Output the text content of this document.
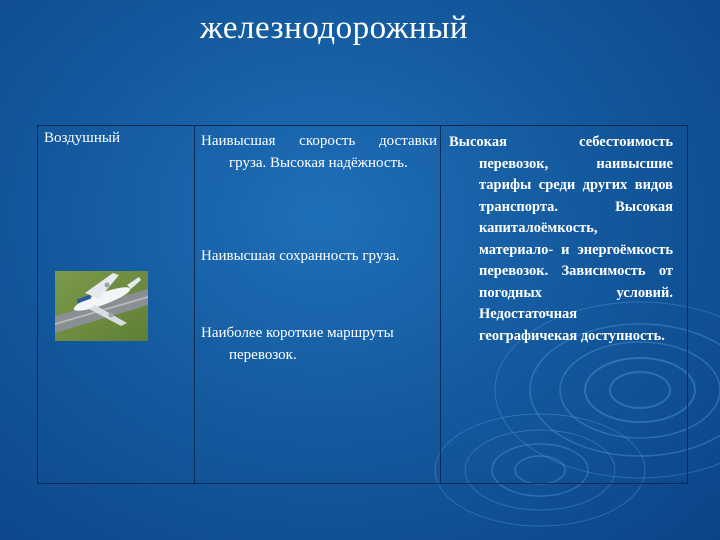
железнодорожный
Воздушный	Наивысшая скорость доставки груза. Высокая надёжность.
Наивысшая сохранность груза.
Наиболее короткие маршруты перевозок.
Высокая себестоимость перевозок, наивысшие тарифы среди других видов транспорта. Высокая капиталоёмкость, материало- и энергоёмкость перевозок. Зависимость от погодных условий. Недостаточная географичекая доступность.
